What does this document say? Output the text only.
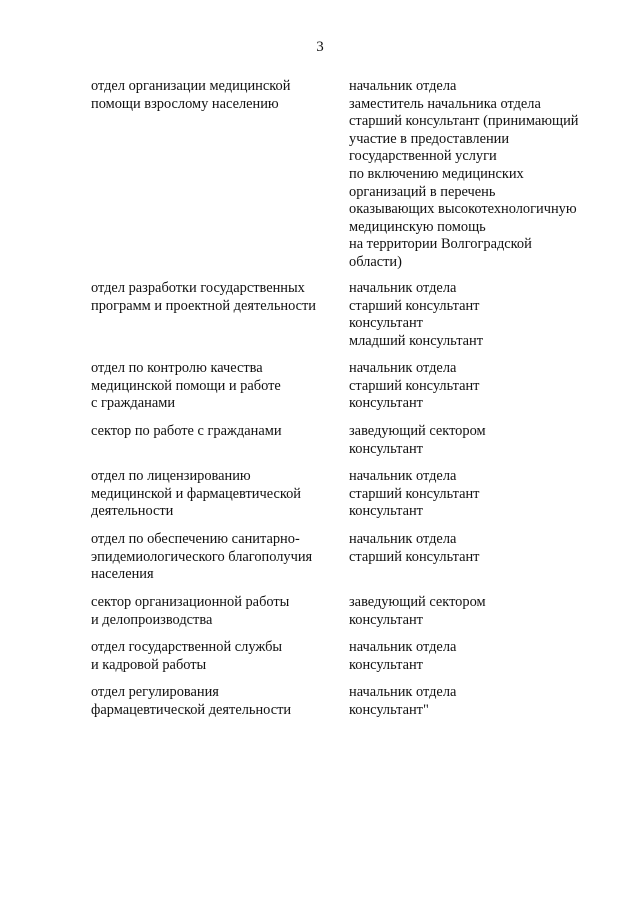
3
отдел организации медицинской
помощи взрослому населению
начальник отдела
заместитель начальника отдела
старший консультант (принимающий
участие в предоставлении
государственной услуги
по включению медицинских
организаций в перечень
оказывающих высокотехнологичную
медицинскую помощь
на территории Волгоградской
области)
отдел разработки государственных
программ и проектной деятельности
начальник отдела
старший консультант
консультант
младший консультант
отдел по контролю качества
медицинской помощи и работе
с гражданами
начальник отдела
старший консультант
консультант
сектор по работе с гражданами	заведующий сектором
консультант
отдел по лицензированию
медицинской и фармацевтической
деятельности
начальник отдела
старший консультант
консультант
отдел по обеспечению санитарно-
эпидемиологического благополучия
населения
начальник отдела
старший консультант
сектор организационной работы
и делопроизводства
заведующий сектором
консультант
отдел государственной службы
и кадровой работы
начальник отдела
консультант
отдел регулирования
фармацевтической деятельности
начальник отдела
консультант"
